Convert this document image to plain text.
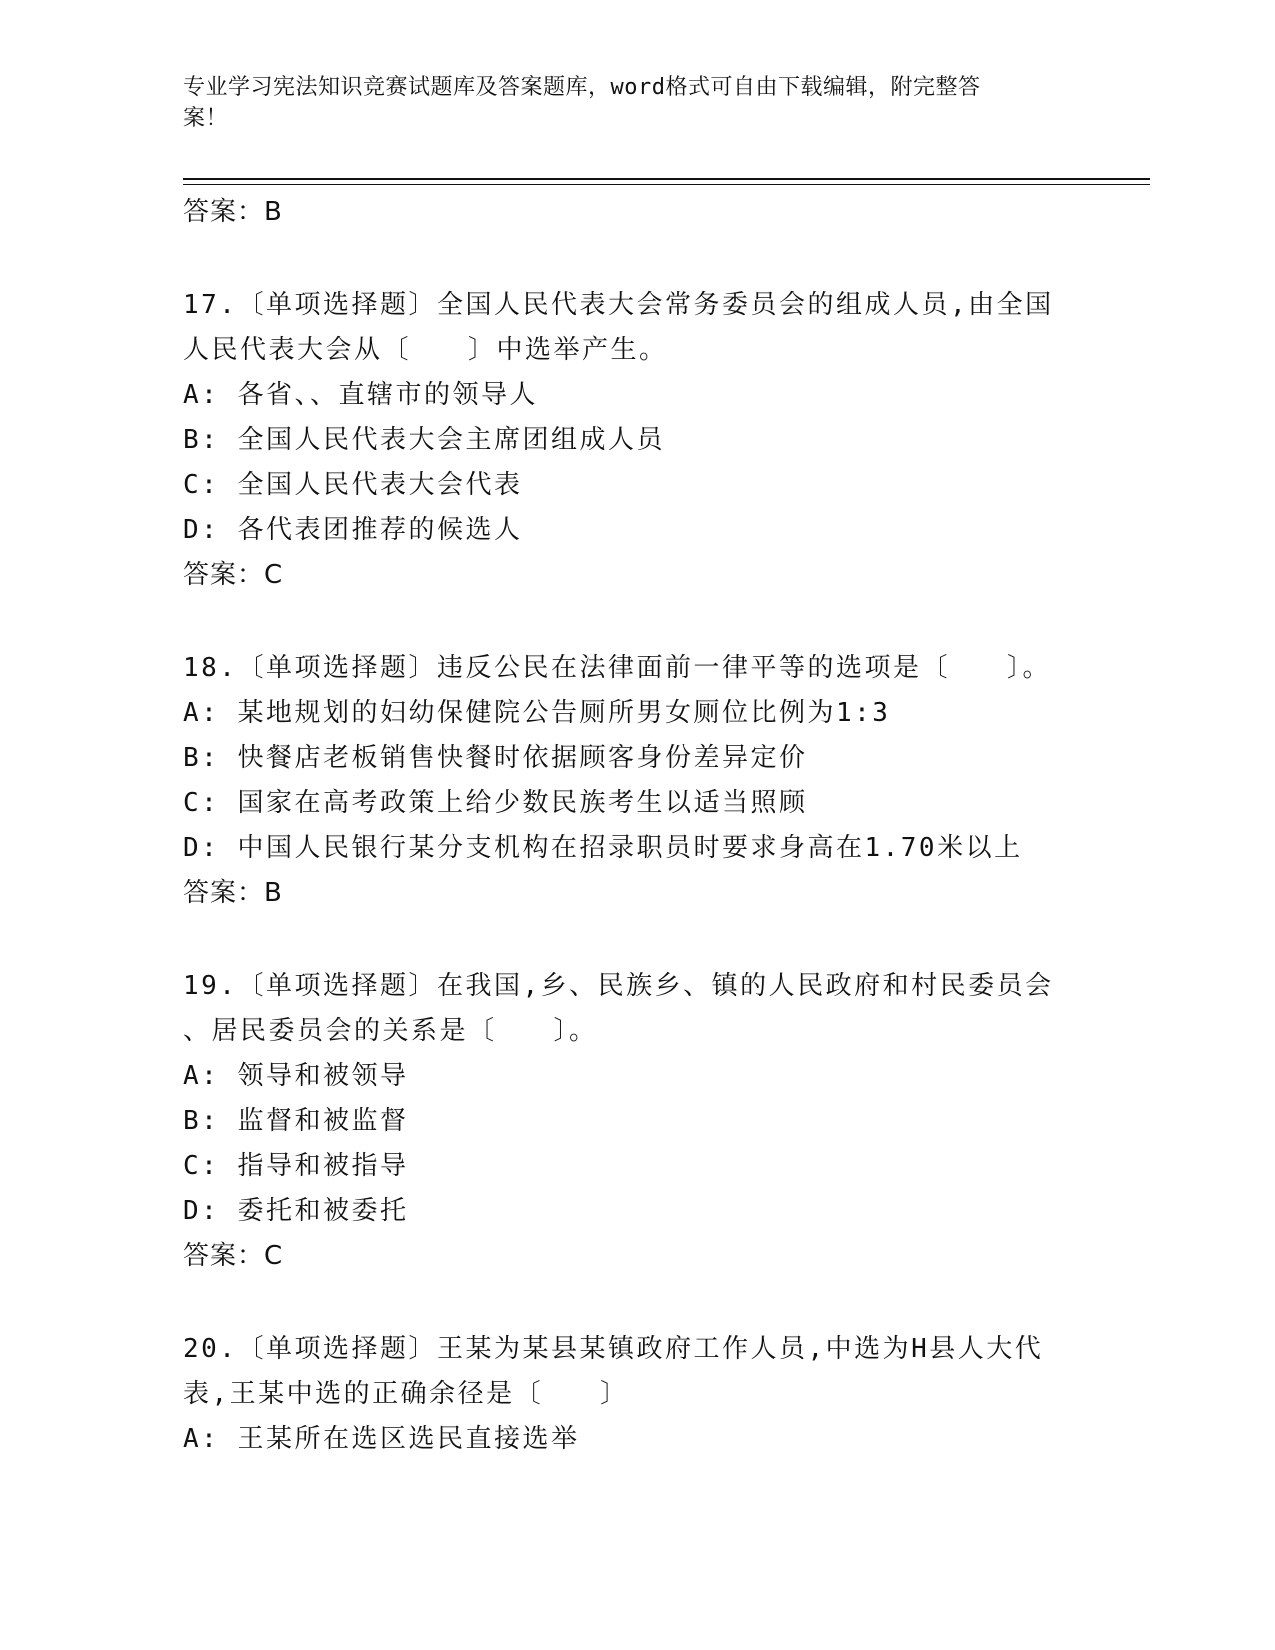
专业学习宪法知识竞赛试题库及答案题库，word格式可自由下载编辑，附完整答
案！
答案：B
17.〔单项选择题〕全国人民代表大会常务委员会的组成人员,由全国
人民代表大会从〔　　〕中选举产生。
A: 各省、、直辖市的领导人
B: 全国人民代表大会主席团组成人员
C: 全国人民代表大会代表
D: 各代表团推荐的候选人
答案：C
18.〔单项选择题〕违反公民在法律面前一律平等的选项是〔　　〕。
A: 某地规划的妇幼保健院公告厕所男女厕位比例为1:3
B: 快餐店老板销售快餐时依据顾客身份差异定价
C: 国家在高考政策上给少数民族考生以适当照顾
D: 中国人民银行某分支机构在招录职员时要求身高在1.70米以上
答案：B
19.〔单项选择题〕在我国,乡、民族乡、镇的人民政府和村民委员会
、居民委员会的关系是〔　　〕。
A: 领导和被领导
B: 监督和被监督
C: 指导和被指导
D: 委托和被委托
答案：C
20.〔单项选择题〕王某为某县某镇政府工作人员,中选为H县人大代
表,王某中选的正确余径是〔　　〕
A: 王某所在选区选民直接选举
